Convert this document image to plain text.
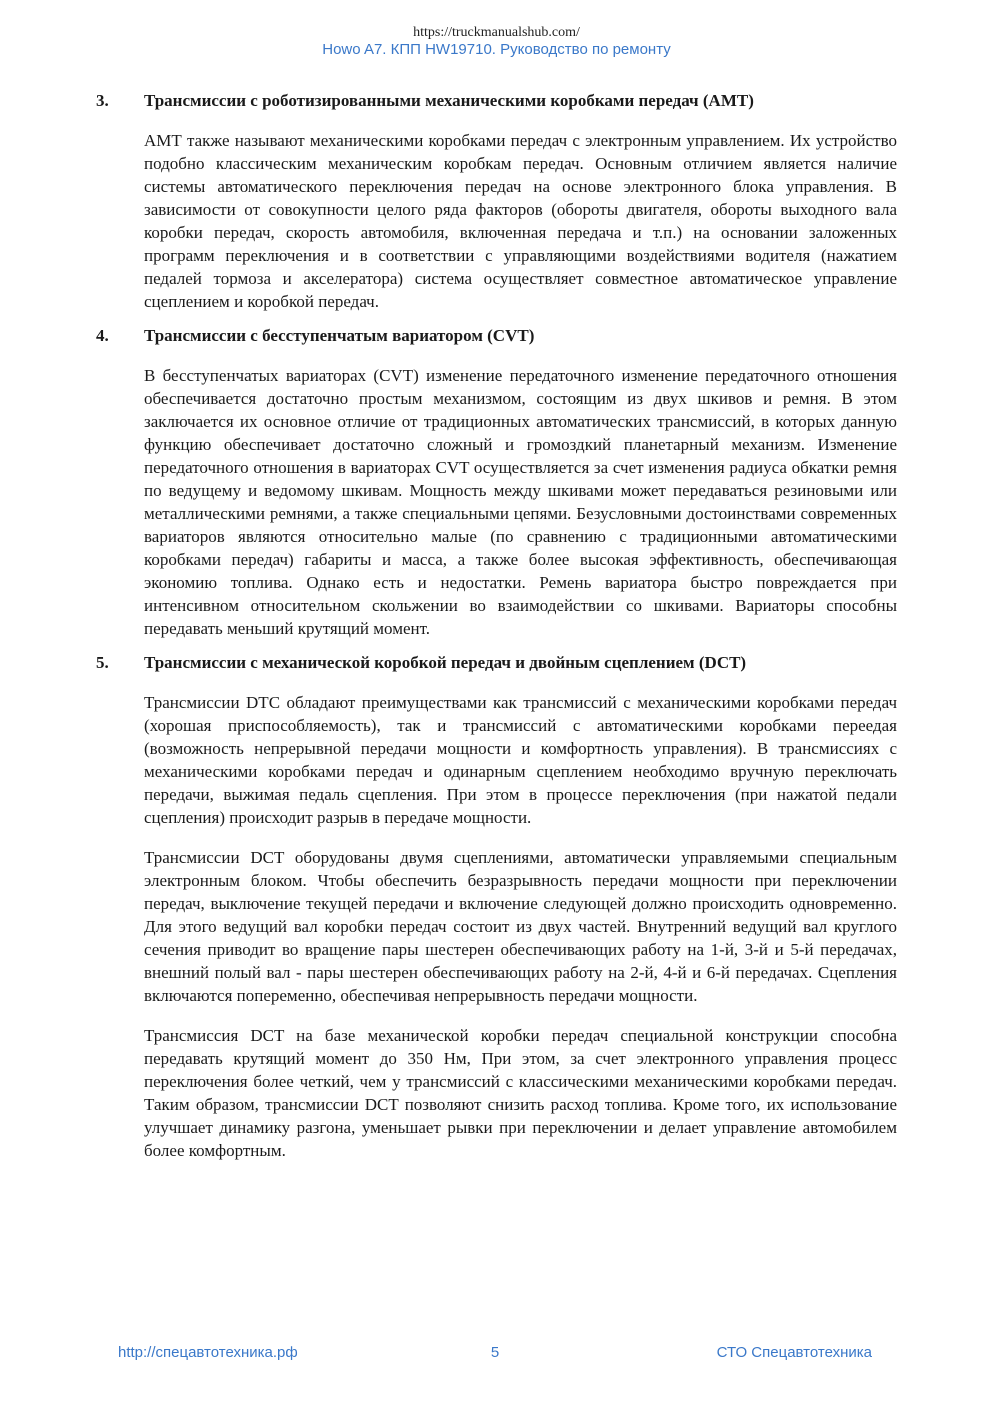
https://truckmanualshub.com/
Howo A7. КПП HW19710. Руководство по ремонту
3.	Трансмиссии с роботизированными механическими коробками передач (АМТ)

АМТ также называют механическими коробками передач с электронным управлением. Их устройство подобно классическим механическим коробкам передач. Основным отличием является наличие системы автоматического переключения передач на основе электронного блока управления. В зависимости от совокупности целого ряда факторов (обороты двигателя, обороты выходного вала коробки передач, скорость автомобиля, включенная передача и т.п.) на основании заложенных программ переключения и в соответствии с управляющими воздействиями водителя (нажатием педалей тормоза и акселератора) система осуществляет совместное автоматическое управление сцеплением и коробкой передач.

4.	Трансмиссии с бесступенчатым вариатором (CVT)

В бесступенчатых вариаторах (CVT) изменение передаточного изменение передаточного отношения обеспечивается достаточно простым механизмом, состоящим из двух шкивов и ремня. В этом заключается их основное отличие от традиционных автоматических трансмиссий, в которых данную функцию обеспечивает достаточно сложный и громоздкий планетарный механизм. Изменение передаточного отношения в вариаторах CVT осуществляется за счет изменения радиуса обкатки ремня по ведущему и ведомому шкивам. Мощность между шкивами может передаваться резиновыми или металлическими ремнями, а также специальными цепями. Безусловными достоинствами современных вариаторов являются относительно малые (по сравнению с традиционными автоматическими коробками передач) габариты и масса, а также более высокая эффективность, обеспечивающая экономию топлива. Однако есть и недостатки. Ремень вариатора быстро повреждается при интенсивном относительном скольжении во взаимодействии со шкивами. Вариаторы способны передавать меньший крутящий момент.

5.	Трансмиссии с механической коробкой передач и двойным сцеплением (DCT)

Трансмиссии DTC обладают преимуществами как трансмиссий с механическими коробками передач (хорошая приспособляемость), так и трансмиссий с автоматическими коробками переедая (возможность непрерывной передачи мощности и комфортность управления). В трансмиссиях с механическими коробками передач и одинарным сцеплением необходимо вручную переключать передачи, выжимая педаль сцепления. При этом в процессе переключения (при нажатой педали сцепления) происходит разрыв в передаче мощности.

Трансмиссии DCT оборудованы двумя сцеплениями, автоматически управляемыми специальным электронным блоком. Чтобы обеспечить безразрывность передачи мощности при переключении передач, выключение текущей передачи и включение следующей должно происходить одновременно. Для этого ведущий вал коробки передач состоит из двух частей. Внутренний ведущий вал круглого сечения приводит во вращение пары шестерен обеспечивающих работу на 1-й, 3-й и 5-й передачах, внешний полый вал - пары шестерен обеспечивающих работу на 2-й, 4-й и 6-й передачах. Сцепления включаются попеременно, обеспечивая непрерывность передачи мощности.

Трансмиссия DCT на базе механической коробки передач специальной конструкции способна передавать крутящий момент до 350 Нм, При этом, за счет электронного управления процесс переключения более четкий, чем у трансмиссий с классическими механическими коробками передач. Таким образом, трансмиссии DCT позволяют снизить расход топлива. Кроме того, их использование улучшает динамику разгона, уменьшает рывки при переключении и делает управление автомобилем более комфортным.

http://спецавтотехника.рф	5	СТО Спецавтотехника
